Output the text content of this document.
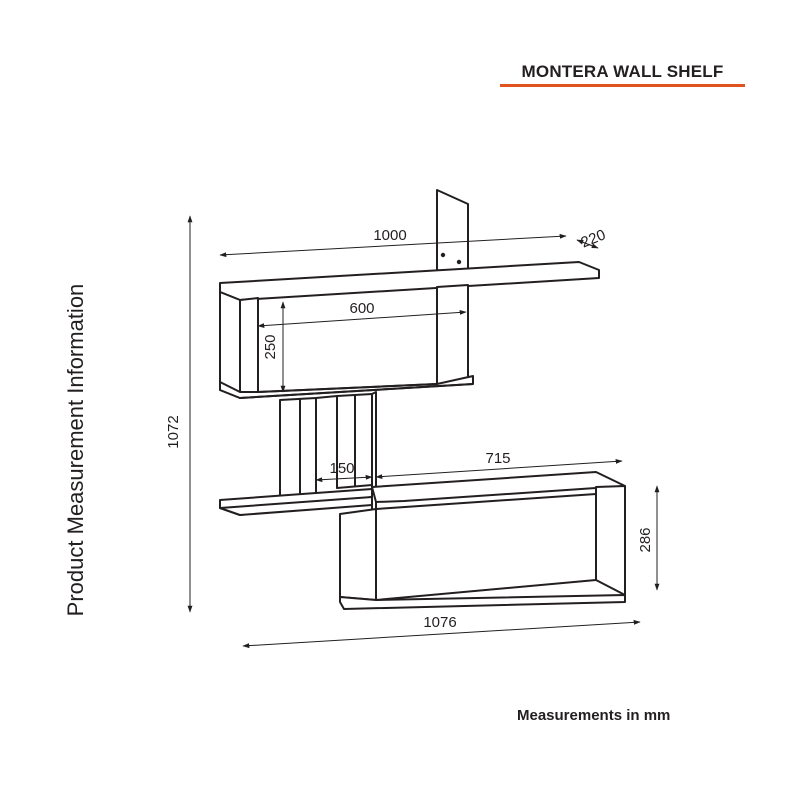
MONTERA WALL SHELF
Product Measurement Information
1000	220
600
250
1072
150
715
286
1076
Measurements in mm
